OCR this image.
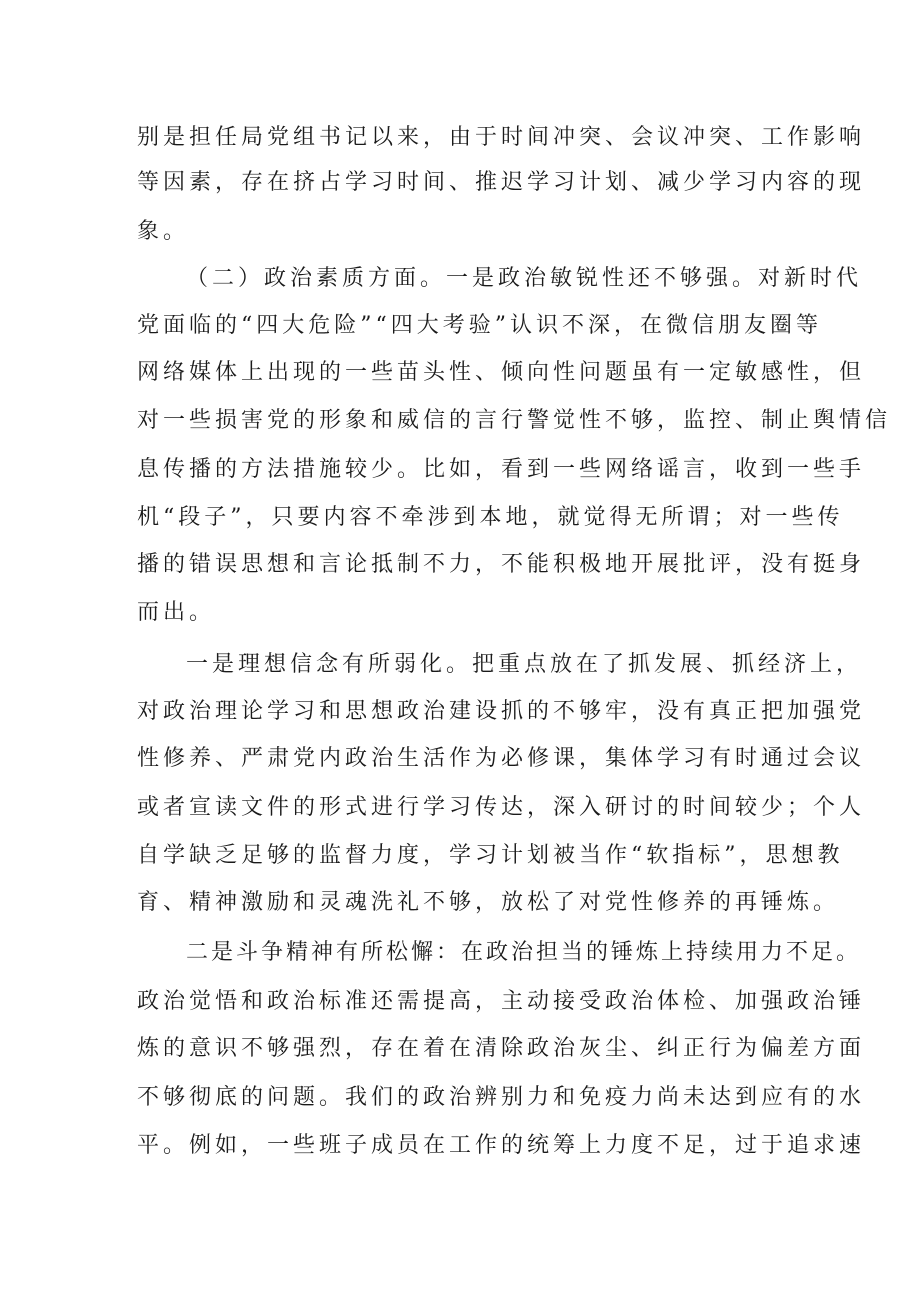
别是担任局党组书记以来，由于时间冲突、会议冲突、工作影响

等因素，存在挤占学习时间、推迟学习计划、减少学习内容的现

象。

（二）政治素质方面。一是政治敏锐性还不够强。对新时代

党面临的“四大危险”“四大考验”认识不深，在微信朋友圈等

网络媒体上出现的一些苗头性、倾向性问题虽有一定敏感性，但

对一些损害党的形象和威信的言行警觉性不够，监控、制止舆情信

息传播的方法措施较少。比如，看到一些网络谣言，收到一些手

机“段子”，只要内容不牵涉到本地，就觉得无所谓；对一些传

播的错误思想和言论抵制不力，不能积极地开展批评，没有挺身

而出。

一是理想信念有所弱化。把重点放在了抓发展、抓经济上，

对政治理论学习和思想政治建设抓的不够牢，没有真正把加强党

性修养、严肃党内政治生活作为必修课，集体学习有时通过会议

或者宣读文件的形式进行学习传达，深入研讨的时间较少；个人

自学缺乏足够的监督力度，学习计划被当作“软指标”，思想教

育、精神激励和灵魂洗礼不够，放松了对党性修养的再锤炼。

二是斗争精神有所松懈：在政治担当的锤炼上持续用力不足。

政治觉悟和政治标准还需提高，主动接受政治体检、加强政治锤

炼的意识不够强烈，存在着在清除政治灰尘、纠正行为偏差方面

不够彻底的问题。我们的政治辨别力和免疫力尚未达到应有的水

平。例如，一些班子成员在工作的统筹上力度不足，过于追求速
